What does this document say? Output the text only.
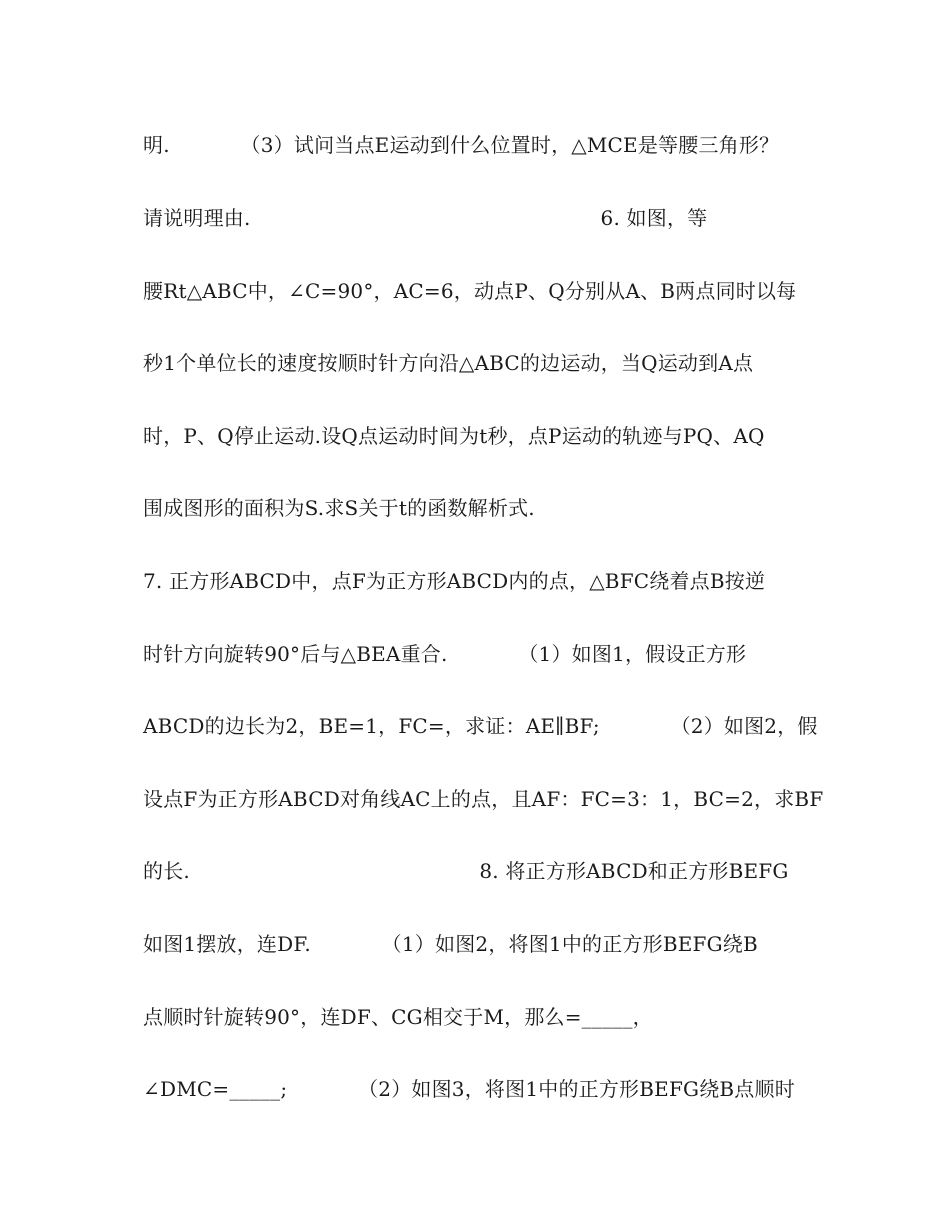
明.　　　　（3）试问当点E运动到什么位置时，△MCE是等腰三角形？
请说明理由.　　　　　　　　　　　　　　　　　 6. 如图，等
腰Rt△ABC中，∠C=90°，AC=6，动点P、Q分别从A、B两点同时以每
秒1个单位长的速度按顺时针方向沿△ABC的边运动，当Q运动到A点
时，P、Q停止运动.设Q点运动时间为t秒，点P运动的轨迹与PQ、AQ
围成图形的面积为S.求S关于t的函数解析式.
7. 正方形ABCD中，点F为正方形ABCD内的点，△BFC绕着点B按逆
时针方向旋转90°后与△BEA重合.　　　　（1）如图1，假设正方形
ABCD的边长为2，BE=1，FC=，求证：AE∥BF;　　　　（2）如图2，假
设点F为正方形ABCD对角线AC上的点，且AF：FC=3：1，BC=2，求BF
的长.　　　　　　　　　　　　　　 8. 将正方形ABCD和正方形BEFG
如图1摆放，连DF.　　　　（1）如图2，将图1中的正方形BEFG绕B
点顺时针旋转90°，连DF、CG相交于M，那么=_____，
∠DMC=_____;　　　　（2）如图3，将图1中的正方形BEFG绕B点顺时
